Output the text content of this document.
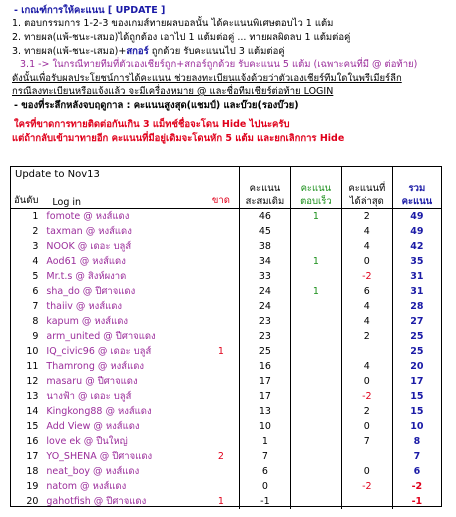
- เกณฑ์การให้คะแนน [ UPDATE ]
1. ตอบกรรมการ 1-2-3 ของเกมส์ทายผลบอลนั้น ได้คะแนนพิเศษตอบไว 1 แต้ม
2. ทายผล(แพ้-ชนะ-เสมอ)ได้ถูกต้อง เอาไป 1 แต้มต่อคู่ ... ทายผลผิดลบ 1 แต้มต่อคู่
3. ทายผล(แพ้-ชนะ-เสมอ)+สกอร์ ถูกด้วย รับคะแนนไป 3 แต้มต่อคู่
3.1 -> ในกรณีทายทีมที่ตัวเองเชียร์ถูก+สกอร์ถูกด้วย รับคะแนน 5 แต้ม (เฉพาะคนที่มี @ ต่อท้าย)
ดังนั้นเพื่อรับผลประโยชน์การได้คะแนน ช่วยลงทะเบียนแจ้งด้วยว่าตัวเองเชียร์ทีมใดในพรีเมียร์ลีก
กรณีลงทะเบียนหรือแจ้งแล้ว จะมีเครื่องหมาย @ และชื่อทีมเชียร์ต่อท้าย LOGIN
- ของที่ระลึกหลังจบฤดูกาล : คะแนนสูงสุด(แชมป์) และบ๊วย(รองบ๊วย)
ใครที่ขาดการทายติดต่อกันเกิน 3 แม็ทช์ชื่อจะโดน Hide ไปนะครับ
แต่ถ้ากลับเข้ามาทายอีก คะแนนที่มีอยู่เดิมจะโดนหัก 5 แต้ม และยกเลิกการ Hide
Update to Nov13						
อันดับ	Log in		ขาด	คะแนน สะสมเดิม	คะแนน ตอบเร็ว	คะแนนที่ ได้ล่าสุด	รวม คะแนน

1	fomote @ หงส์แดง			46	1	2	49
2	taxman @ หงส์แดง			45		4	49
3	NOOK @ เดอะ บลูส์			38		4	42
4	Aod61 @ หงส์แดง			34	1	0	35
5	Mr.t.s @ สิงห์ผงาด			33		-2	31
6	sha_do @ ปีศาจแดง			24	1	6	31
7	thaiiv @ หงส์แดง			24		4	28
8	kapum @ หงส์แดง			23		4	27
9	arm_united @ ปีศาจแดง			23		2	25
10	IQ_civic96 @ เดอะ บลูส์		1	25			25
11	Thamrong @ หงส์แดง			16		4	20
12	masaru @ ปีศาจแดง			17		0	17
13	นางฟ้า @ เดอะ บลูส์			17		-2	15
14	Kingkong88 @ หงส์แดง			13		2	15
15	Add View @ หงส์แดง			10		0	10
16	love ek @ ปืนใหญ่			1		7	8
17	YO_SHENA @ ปีศาจแดง		2	7			7
18	neat_boy @ หงส์แดง			6		0	6
19	natom @ หงส์แดง			0		-2	-2
20	gahotfish @ ปีศาจแดง		1	-1			-1
